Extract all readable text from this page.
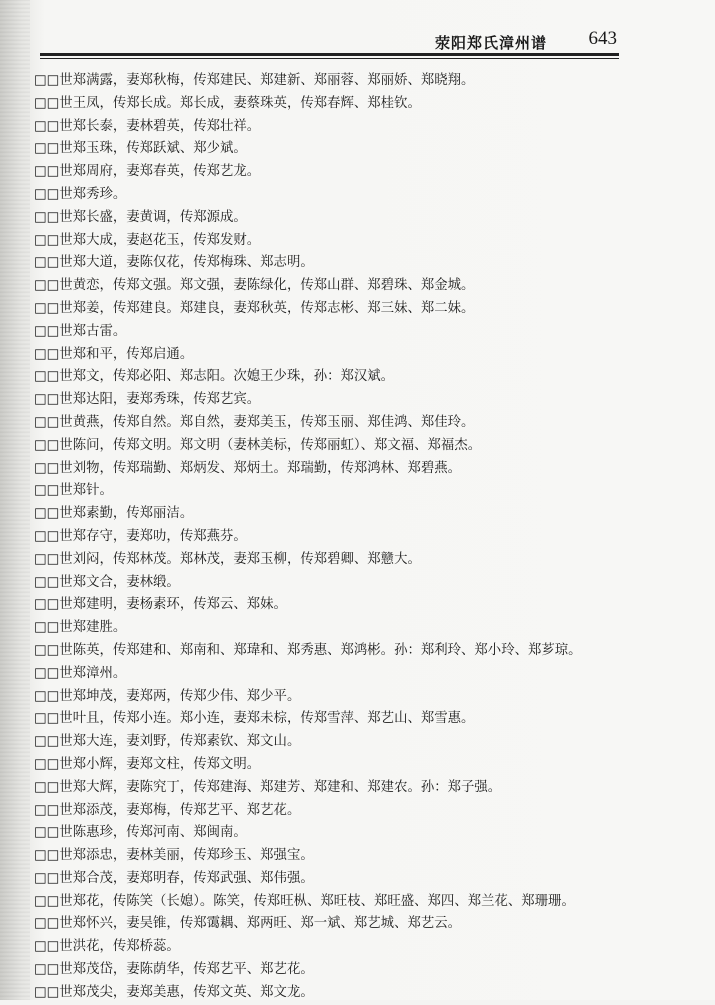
荥阳郑氏漳州谱 643
□□世郑满露，妻郑秋梅，传郑建民、郑建新、郑丽蓉、郑丽娇、郑晓翔。
□□世王凤，传郑长成。郑长成，妻蔡珠英，传郑春辉、郑桂钦。
□□世郑长泰，妻林碧英，传郑壮祥。
□□世郑玉珠，传郑跃斌、郑少斌。
□□世郑周府，妻郑春英，传郑艺龙。
□□世郑秀珍。
□□世郑长盛，妻黄调，传郑源成。
□□世郑大成，妻赵花玉，传郑发财。
□□世郑大道，妻陈仅花，传郑梅珠、郑志明。
□□世黄恋，传郑文强。郑文强，妻陈绿化，传郑山群、郑碧珠、郑金城。
□□世郑姜，传郑建良。郑建良，妻郑秋英，传郑志彬、郑三妹、郑二妹。
□□世郑古雷。
□□世郑和平，传郑启通。
□□世郑文，传郑必阳、郑志阳。次媳王少珠，孙：郑汉斌。
□□世郑达阳，妻郑秀珠，传郑艺宾。
□□世黄燕，传郑自然。郑自然，妻郑美玉，传郑玉丽、郑佳鸿、郑佳玲。
□□世陈问，传郑文明。郑文明（妻林美标，传郑丽虹）、郑文福、郑福杰。
□□世刘物，传郑瑞勤、郑炳发、郑炳土。郑瑞勤，传郑鸿林、郑碧燕。
□□世郑针。
□□世郑素勤，传郑丽洁。
□□世郑存守，妻郑叻，传郑燕芬。
□□世刘闷，传郑林茂。郑林茂，妻郑玉柳，传郑碧卿、郑戆大。
□□世郑文合，妻林缎。
□□世郑建明，妻杨素环，传郑云、郑妹。
□□世郑建胜。
□□世陈英，传郑建和、郑南和、郑瑋和、郑秀惠、郑鸿彬。孙：郑利玲、郑小玲、郑芗琼。
□□世郑漳州。
□□世郑坤茂，妻郑两，传郑少伟、郑少平。
□□世叶且，传郑小连。郑小连，妻郑未棕，传郑雪萍、郑艺山、郑雪惠。
□□世郑大连，妻刘野，传郑素钦、郑文山。
□□世郑小辉，妻郑文柱，传郑文明。
□□世郑大辉，妻陈究丁，传郑建海、郑建芳、郑建和、郑建农。孙：郑子强。
□□世郑添茂，妻郑梅，传郑艺平、郑艺花。
□□世陈惠珍，传郑河南、郑闽南。
□□世郑添忠，妻林美丽，传郑珍玉、郑强宝。
□□世郑合茂，妻郑明春，传郑武强、郑伟强。
□□世郑花，传陈笑（长媳）。陈笑，传郑旺枞、郑旺枝、郑旺盛、郑四、郑兰花、郑珊珊。
□□世郑怀兴，妻吴锥，传郑霭耦、郑两旺、郑一斌、郑艺城、郑艺云。
□□世洪花，传郑桥蕊。
□□世郑茂岱，妻陈荫华，传郑艺平、郑艺花。
□□世郑茂尖，妻郑美惠，传郑文英、郑文龙。
